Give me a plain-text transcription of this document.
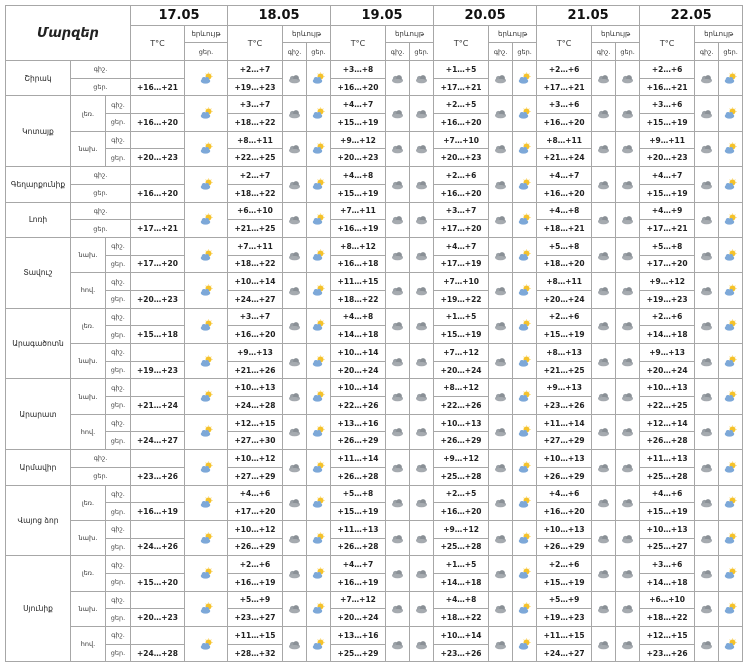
Մարզեր			17.05		18.05			19.05			20.05			21.05			22.05		
			T°C	երևույթ	T°C	երևույթ		T°C	երևույթ		T°C	երևույթ		T°C	երևույթ		T°C	երևույթ	
				ցեր.		գիշ.	ցեր.		գիշ.	ցեր.		գիշ.	ցեր.		գիշ.	ցեր.		գիշ.	ցեր.
Շիրակ	գիշ.				+2…+7			+3…+8			+1…+5			+2…+6			+2…+6		
	ցեր.		+16…+21		+19…+23			+16…+20			+17…+21			+17…+21			+16…+21		
Կոտայք	լեռ.	գիշ.			+3…+7			+4…+7			+2…+5			+3…+6			+3…+6		
		ցեր.	+16…+20		+18…+22			+15…+19			+16…+20			+16…+20			+15…+19		
	նախ.	գիշ.			+8…+11			+9…+12			+7…+10			+8…+11			+9…+11		
		ցեր.	+20…+23		+22…+25			+20…+23			+20…+23			+21…+24			+20…+23		
Գեղարքունիք	գիշ.				+2…+7			+4…+8			+2…+6			+4…+7			+4…+7		
	ցեր.		+16…+20		+18…+22			+15…+19			+16…+20			+16…+20			+15…+19		
Լոռի	գիշ.				+6…+10			+7…+11			+3…+7			+4…+8			+4…+9		
	ցեր.		+17…+21		+21…+25			+16…+19			+17…+20			+18…+21			+17…+21		
Տավուշ	նախ.	գիշ.			+7…+11			+8…+12			+4…+7			+5…+8			+5…+8		
		ցեր.	+17…+20		+18…+22			+16…+18			+17…+19			+18…+20			+17…+20		
	հով.	գիշ.			+10…+14			+11…+15			+7…+10			+8…+11			+9…+12		
		ցեր.	+20…+23		+24…+27			+18…+22			+19…+22			+20…+24			+19…+23		
Արագածոտն	լեռ.	գիշ.			+3…+7			+4…+8			+1…+5			+2…+6			+2…+6		
		ցեր.	+15…+18		+16…+20			+14…+18			+15…+19			+15…+19			+14…+18		
	նախ.	գիշ.			+9…+13			+10…+14			+7…+12			+8…+13			+9…+13		
		ցեր.	+19…+23		+21…+26			+20…+24			+20…+24			+21…+25			+20…+24		
Արարատ	նախ.	գիշ.			+10…+13			+10…+14			+8…+12			+9…+13			+10…+13		
		ցեր.	+21…+24		+24…+28			+22…+26			+22…+26			+23…+26			+22…+25		
	հով.	գիշ.			+12…+15			+13…+16			+10…+13			+11…+14			+12…+14		
		ցեր.	+24…+27		+27…+30			+26…+29			+26…+29			+27…+29			+26…+28		
Արմավիր	գիշ.				+10…+12			+11…+14			+9…+12			+10…+13			+11…+13		
	ցեր.		+23…+26		+27…+29			+26…+28			+25…+28			+26…+29			+25…+28		
Վայոց ձոր	լեռ.	գիշ.			+4…+6			+5…+8			+2…+5			+4…+6			+4…+6		
		ցեր.	+16…+19		+17…+20			+15…+19			+16…+20			+16…+20			+15…+19		
	նախ.	գիշ.			+10…+12			+11…+13			+9…+12			+10…+13			+10…+13		
		ցեր.	+24…+26		+26…+29			+26…+28			+25…+28			+26…+29			+25…+27		
Սյունիք	լեռ.	գիշ.			+2…+6			+4…+7			+1…+5			+2…+6			+3…+6		
		ցեր.	+15…+20		+16…+19			+16…+19			+14…+18			+15…+19			+14…+18		
	նախ.	գիշ.			+5…+9			+7…+12			+4…+8			+5…+9			+6…+10		
		ցեր.	+20…+23		+23…+27			+20…+24			+18…+22			+19…+23			+18…+22		
	հով.	գիշ.			+11…+15			+13…+16			+10…+14			+11…+15			+12…+15		
		ցեր.	+24…+28		+28…+32			+25…+29			+23…+26			+24…+27			+23…+26		
